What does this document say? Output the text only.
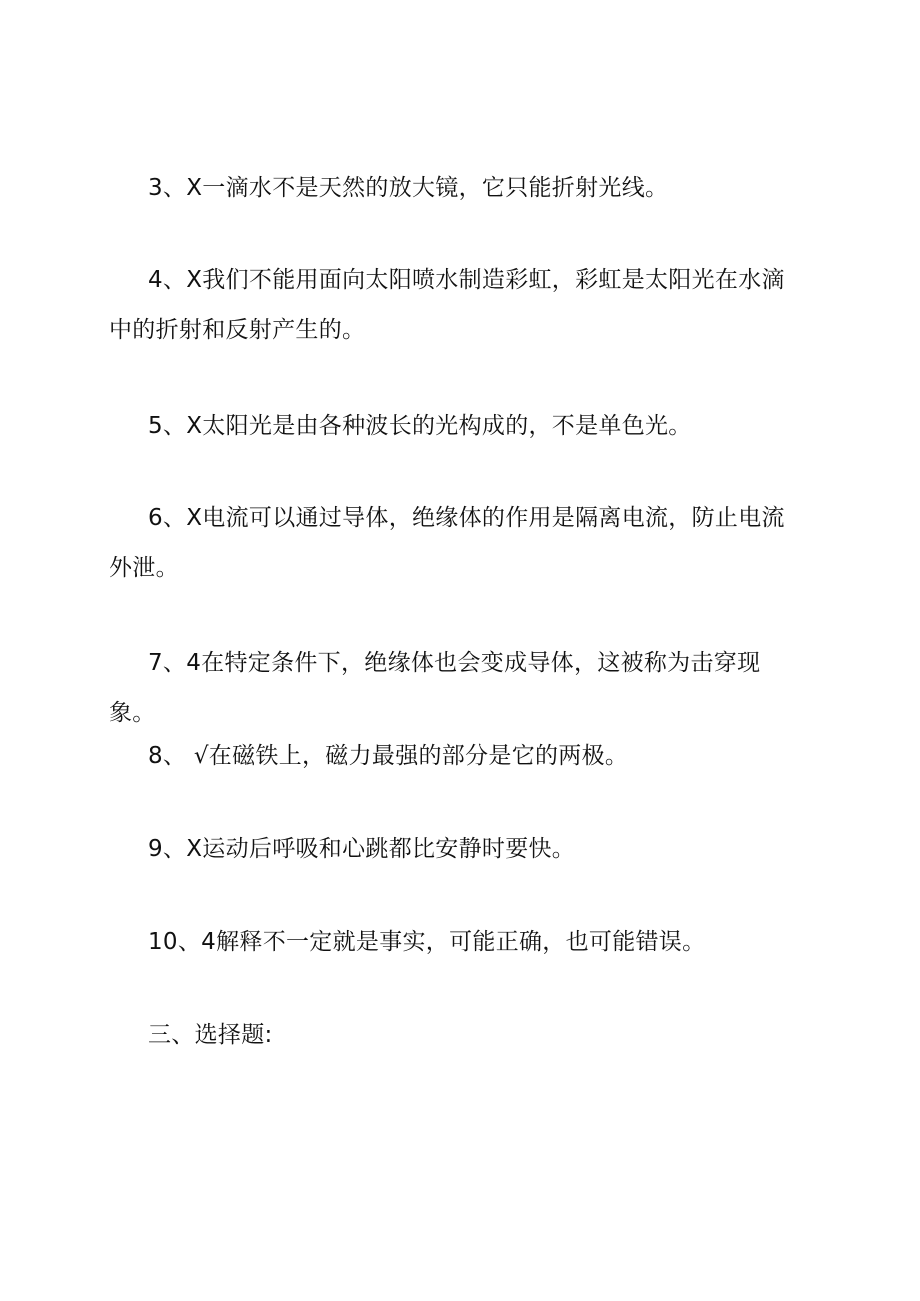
3、X一滴水不是天然的放大镜，它只能折射光线。

4、X我们不能用面向太阳喷水制造彩虹，彩虹是太阳光在水滴中的折射和反射产生的。

5、X太阳光是由各种波长的光构成的，不是单色光。

6、X电流可以通过导体，绝缘体的作用是隔离电流，防止电流外泄。

7、4在特定条件下，绝缘体也会变成导体，这被称为击穿现象。

8、 √在磁铁上，磁力最强的部分是它的两极。

9、X运动后呼吸和心跳都比安静时要快。

10、4解释不一定就是事实，可能正确，也可能错误。

三、选择题:
